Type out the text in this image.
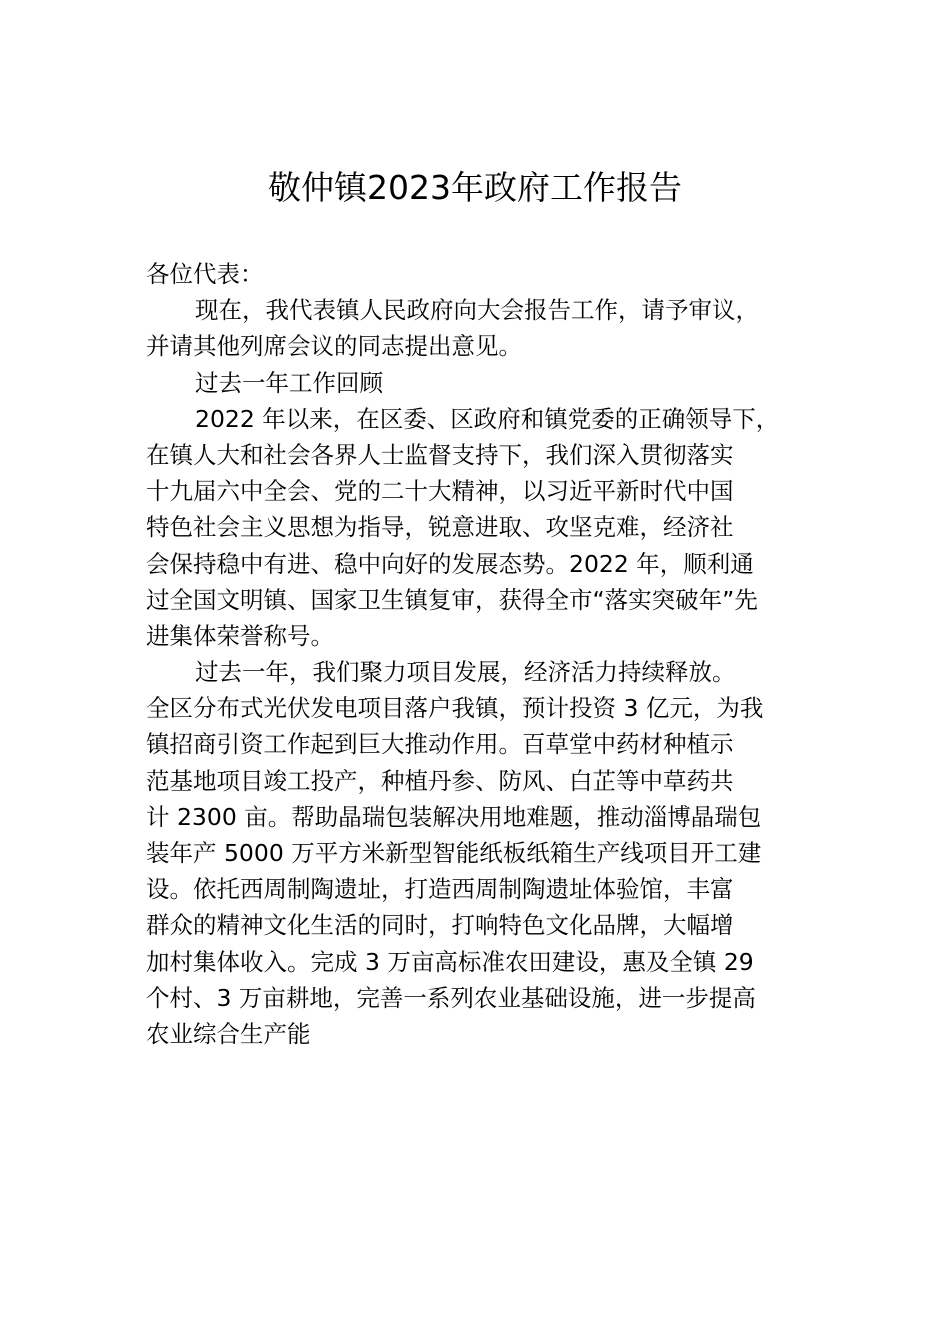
敬仲镇2023年政府工作报告
各位代表：
现在，我代表镇人民政府向大会报告工作，请予审议，
并请其他列席会议的同志提出意见。
过去一年工作回顾
2022 年以来，在区委、区政府和镇党委的正确领导下，
在镇人大和社会各界人士监督支持下，我们深入贯彻落实
十九届六中全会、党的二十大精神，以习近平新时代中国
特色社会主义思想为指导，锐意进取、攻坚克难，经济社
会保持稳中有进、稳中向好的发展态势。2022 年，顺利通
过全国文明镇、国家卫生镇复审，获得全市“落实突破年”先
进集体荣誉称号。
过去一年，我们聚力项目发展，经济活力持续释放。
全区分布式光伏发电项目落户我镇，预计投资 3 亿元，为我
镇招商引资工作起到巨大推动作用。百草堂中药材种植示
范基地项目竣工投产，种植丹参、防风、白芷等中草药共
计 2300 亩。帮助晶瑞包装解决用地难题，推动淄博晶瑞包
装年产 5000 万平方米新型智能纸板纸箱生产线项目开工建
设。依托西周制陶遗址，打造西周制陶遗址体验馆，丰富
群众的精神文化生活的同时，打响特色文化品牌，大幅增
加村集体收入。完成 3 万亩高标准农田建设，惠及全镇 29
个村、3 万亩耕地，完善一系列农业基础设施，进一步提高
农业综合生产能
